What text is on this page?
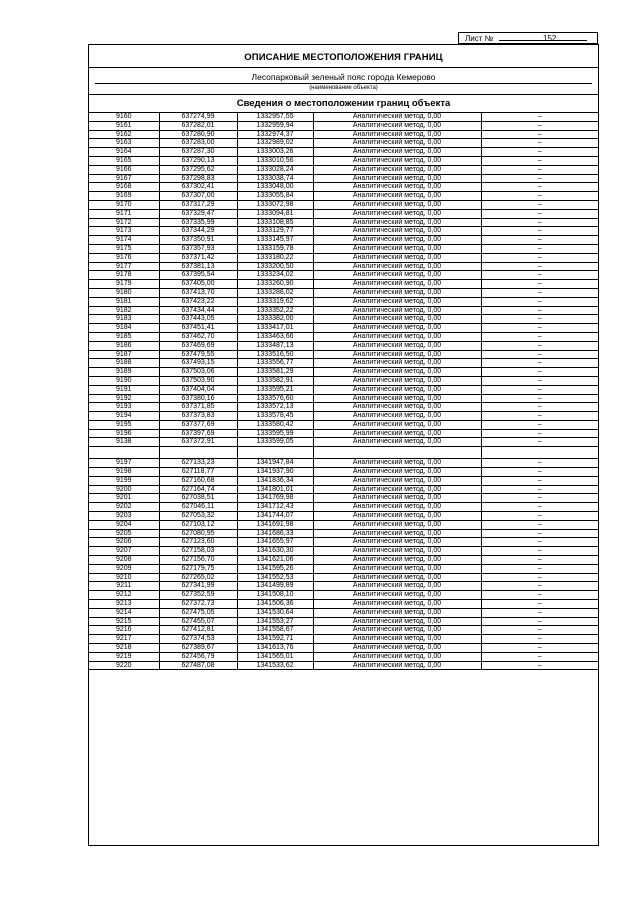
Лист №	152
ОПИСАНИЕ МЕСТОПОЛОЖЕНИЯ ГРАНИЦ
Лесопарковый зеленый пояс города Кемерово
(наименование объекта)
Сведения о местоположении границ объекта
9160	637274,99	1332957,55	Аналитический метод, 0,00	–
9161	637282,01	1332959,94	Аналитический метод, 0,00	–
9162	637280,90	1332974,37	Аналитический метод, 0,00	–
9163	637283,00	1332989,02	Аналитический метод, 0,00	–
9164	637287,30	1333003,26	Аналитический метод, 0,00	–
9165	637290,13	1333010,56	Аналитический метод, 0,00	–
9166	637295,62	1333028,24	Аналитический метод, 0,00	–
9167	637298,83	1333038,74	Аналитический метод, 0,00	–
9168	637302,41	1333048,00	Аналитический метод, 0,00	–
9169	637307,00	1333055,84	Аналитический метод, 0,00	–
9170	637317,29	1333072,98	Аналитический метод, 0,00	–
9171	637329,47	1333094,81	Аналитический метод, 0,00	–
9172	637335,99	1333108,85	Аналитический метод, 0,00	–
9173	637344,29	1333129,77	Аналитический метод, 0,00	–
9174	637350,91	1333145,97	Аналитический метод, 0,00	–
9175	637357,93	1333159,78	Аналитический метод, 0,00	–
9176	637371,42	1333180,22	Аналитический метод, 0,00	–
9177	637381,13	1333200,50	Аналитический метод, 0,00	–
9178	637395,54	1333234,02	Аналитический метод, 0,00	–
9179	637405,00	1333260,90	Аналитический метод, 0,00	–
9180	637413,70	1333288,02	Аналитический метод, 0,00	–
9181	637423,22	1333319,62	Аналитический метод, 0,00	–
9182	637434,44	1333352,22	Аналитический метод, 0,00	–
9183	637443,05	1333382,00	Аналитический метод, 0,00	–
9184	637451,41	1333417,01	Аналитический метод, 0,00	–
9185	637462,70	1333463,66	Аналитический метод, 0,00	–
9186	637469,69	1333487,13	Аналитический метод, 0,00	–
9187	637479,55	1333516,50	Аналитический метод, 0,00	–
9188	637493,15	1333556,77	Аналитический метод, 0,00	–
9189	637503,06	1333581,29	Аналитический метод, 0,00	–
9190	637503,90	1333582,91	Аналитический метод, 0,00	–
9191	637404,04	1333595,21	Аналитический метод, 0,00	–
9192	637380,16	1333576,60	Аналитический метод, 0,00	–
9193	637371,85	1333572,13	Аналитический метод, 0,00	–
9194	637373,83	1333578,45	Аналитический метод, 0,00	–
9195	637377,69	1333580,42	Аналитический метод, 0,00	–
9196	637397,69	1333595,99	Аналитический метод, 0,00	–
9138	637372,91	1333599,05	Аналитический метод, 0,00	–

9197	627133,23	1341947,84	Аналитический метод, 0,00	–
9198	627118,77	1341937,90	Аналитический метод, 0,00	–
9199	627160,68	1341836,34	Аналитический метод, 0,00	–
9200	627164,74	1341801,01	Аналитический метод, 0,00	–
9201	627038,51	1341769,98	Аналитический метод, 0,00	–
9202	627046,11	1341712,43	Аналитический метод, 0,00	–
9203	627053,32	1341744,07	Аналитический метод, 0,00	–
9204	627103,12	1341691,98	Аналитический метод, 0,00	–
9205	627080,95	1341686,33	Аналитический метод, 0,00	–
9206	627123,60	1341655,97	Аналитический метод, 0,00	–
9207	627158,03	1341630,30	Аналитический метод, 0,00	–
9208	627156,70	1341621,06	Аналитический метод, 0,00	–
9209	627179,75	1341595,26	Аналитический метод, 0,00	–
9210	627265,02	1341552,53	Аналитический метод, 0,00	–
9211	627341,99	1341499,89	Аналитический метод, 0,00	–
9212	627352,59	1341508,10	Аналитический метод, 0,00	–
9213	627372,73	1341506,36	Аналитический метод, 0,00	–
9214	627475,05	1341530,64	Аналитический метод, 0,00	–
9215	627455,07	1341553,27	Аналитический метод, 0,00	–
9216	627412,81	1341558,67	Аналитический метод, 0,00	–
9217	627374,53	1341592,71	Аналитический метод, 0,00	–
9218	627389,67	1341613,76	Аналитический метод, 0,00	–
9219	627456,79	1341565,01	Аналитический метод, 0,00	–
9220	627487,08	1341533,62	Аналитический метод, 0,00	–
